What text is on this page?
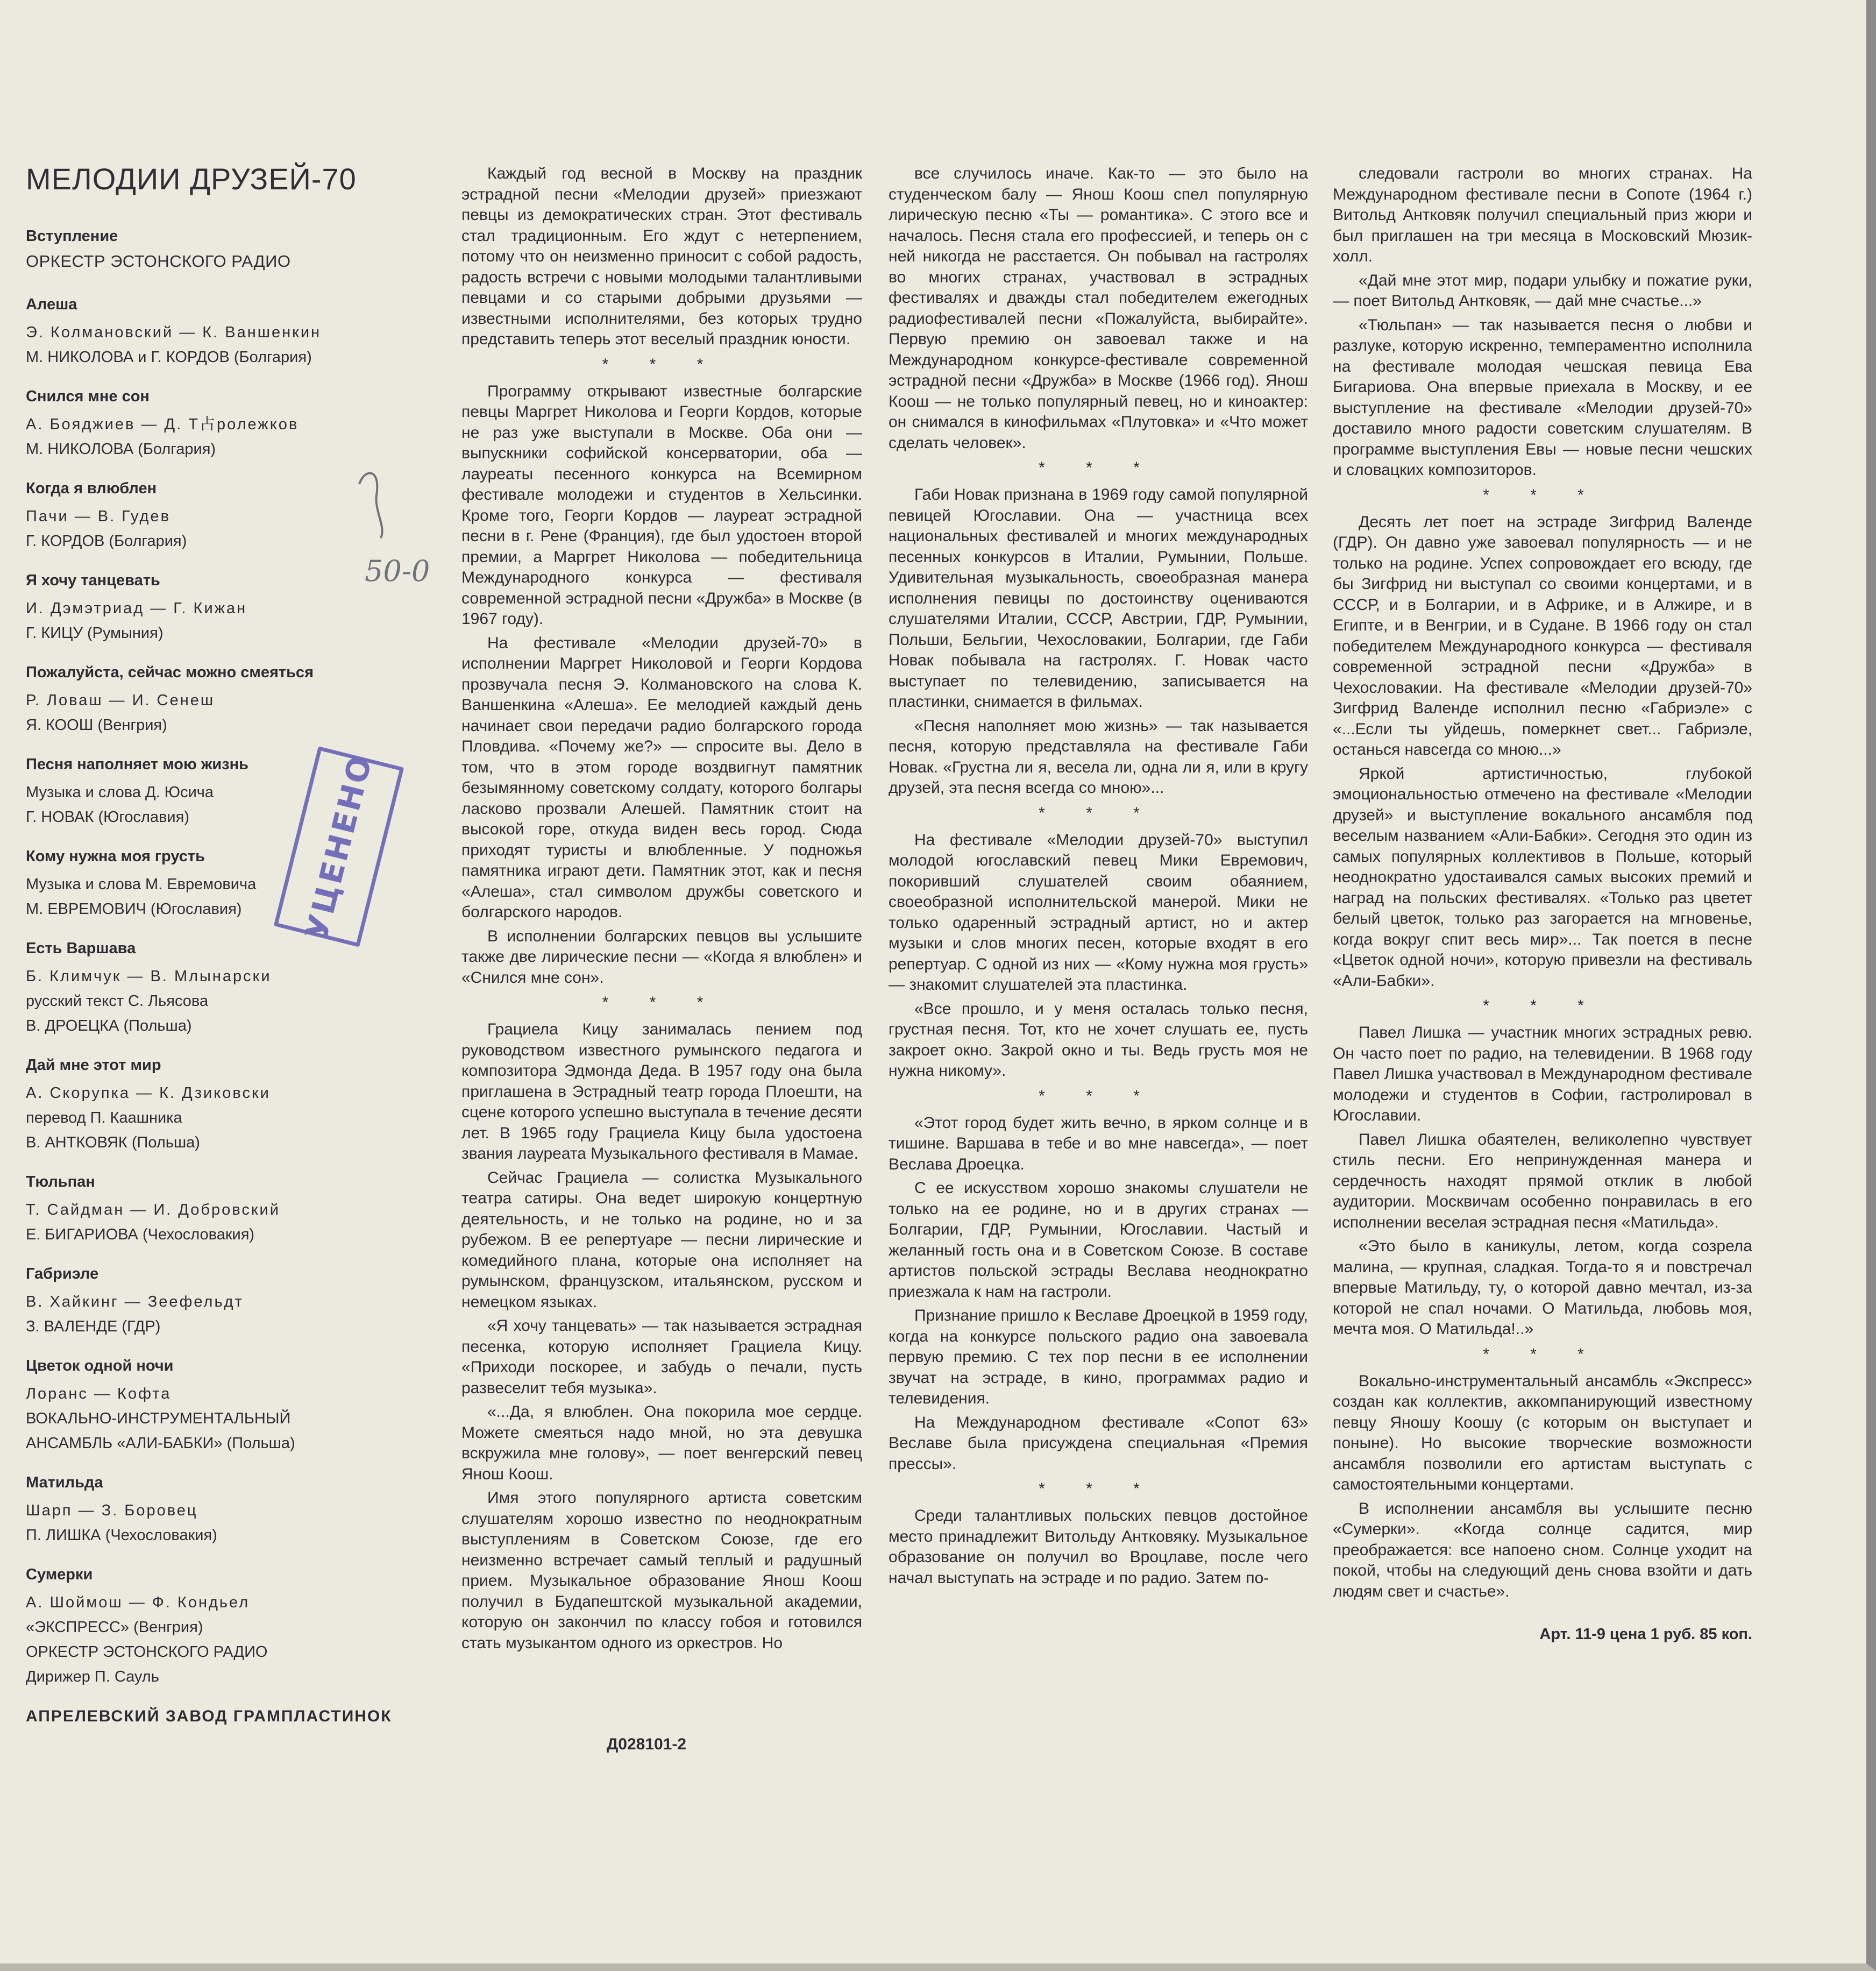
МЕЛОДИИ ДРУЗЕЙ-70
Вступление
ОРКЕСТР ЭСТОНСКОГО РАДИО
Алеша
Э. Колмановский — К. Ваншенкин
М. НИКОЛОВА и Г. КОРДОВ (Болгария)
Снился мне сон
А. Бояджиев — Д. Т占ролежков
М. НИКОЛОВА (Болгария)
Когда я влюблен
Пачи — В. Гудев
Г. КОРДОВ (Болгария)
Я хочу танцевать
И. Дэмэтриад — Г. Кижан
Г. КИЦУ (Румыния)
Пожалуйста, сейчас можно смеяться
Р. Ловаш — И. Сенеш
Я. КООШ (Венгрия)
Песня наполняет мою жизнь
Музыка и слова Д. Юсича
Г. НОВАК (Югославия)
Кому нужна моя грусть
Музыка и слова М. Евремовича
М. ЕВРЕМОВИЧ (Югославия)
Есть Варшава
Б. Климчук — В. Млынарски
русский текст С. Льясова
В. ДРОЕЦКА (Польша)
Дай мне этот мир
А. Скорупка — К. Дзиковски
перевод П. Каашника
В. АНТКОВЯК (Польша)
Тюльпан
Т. Сайдман — И. Добровский
Е. БИГАРИОВА (Чехословакия)
Габриэле
В. Хайкинг — Зеефельдт
З. ВАЛЕНДЕ (ГДР)
Цветок одной ночи
Лоранс — Кофта
ВОКАЛЬНО-ИНСТРУМЕНТАЛЬНЫЙ
АНСАМБЛЬ «АЛИ-БАБКИ» (Польша)
Матильда
Шарп — З. Боровец
П. ЛИШКА (Чехословакия)
Сумерки
А. Шоймош — Ф. Кондьел
«ЭКСПРЕСС» (Венгрия)
ОРКЕСТР ЭСТОНСКОГО РАДИО
Дирижер П. Сауль
АПРЕЛЕВСКИЙ ЗАВОД ГРАМПЛАСТИНОК
Каждый год весной в Москву на праздник эстрадной песни «Мелодии друзей» приезжают певцы из демократических стран. Этот фестиваль стал традиционным. Его ждут с нетерпением, потому что он неизменно приносит с собой радость, радость встречи с новыми молодыми талантливыми певцами и со старыми добрыми друзьями — известными исполнителями, без которых трудно представить теперь этот веселый праздник юности.
* * *
Программу открывают известные болгарские певцы Маргрет Николова и Георги Кордов, которые не раз уже выступали в Москве. Оба они — выпускники софийской консерватории, оба — лауреаты песенного конкурса на Всемирном фестивале молодежи и студентов в Хельсинки. Кроме того, Георги Кордов — лауреат эстрадной песни в г. Рене (Франция), где был удостоен второй премии, а Маргрет Николова — победительница Международного конкурса — фестиваля современной эстрадной песни «Дружба» в Москве (в 1967 году).
На фестивале «Мелодии друзей-70» в исполнении Маргрет Николовой и Георги Кордова прозвучала песня Э. Колмановского на слова К. Ваншенкина «Алеша». Ее мелодией каждый день начинает свои передачи радио болгарского города Пловдива. «Почему же?» — спросите вы. Дело в том, что в этом городе воздвигнут памятник безымянному советскому солдату, которого болгары ласково прозвали Алешей. Памятник стоит на высокой горе, откуда виден весь город. Сюда приходят туристы и влюбленные. У подножья памятника играют дети. Памятник этот, как и песня «Алеша», стал символом дружбы советского и болгарского народов.
В исполнении болгарских певцов вы услышите также две лирические песни — «Когда я влюблен» и «Снился мне сон».
* * *
Грациела Кицу занималась пением под руководством известного румынского педагога и композитора Эдмонда Деда. В 1957 году она была приглашена в Эстрадный театр города Плоешти, на сцене которого успешно выступала в течение десяти лет. В 1965 году Грациела Кицу была удостоена звания лауреата Музыкального фестиваля в Мамае.
Сейчас Грациела — солистка Музыкального театра сатиры. Она ведет широкую концертную деятельность, и не только на родине, но и за рубежом. В ее репертуаре — песни лирические и комедийного плана, которые она исполняет на румынском, французском, итальянском, русском и немецком языках.
«Я хочу танцевать» — так называется эстрадная песенка, которую исполняет Грациела Кицу. «Приходи поскорее, и забудь о печали, пусть развеселит тебя музыка».
«...Да, я влюблен. Она покорила мое сердце. Можете смеяться надо мной, но эта девушка вскружила мне голову», — поет венгерский певец Янош Коош.
Имя этого популярного артиста советским слушателям хорошо известно по неоднократным выступлениям в Советском Союзе, где его неизменно встречает самый теплый и радушный прием. Музыкальное образование Янош Коош получил в Будапештской музыкальной академии, которую он закончил по классу гобоя и готовился стать музыкантом одного из оркестров. Но
все случилось иначе. Как-то — это было на студенческом балу — Янош Коош спел популярную лирическую песню «Ты — романтика». С этого все и началось. Песня стала его профессией, и теперь он с ней никогда не расстается. Он побывал на гастролях во многих странах, участвовал в эстрадных фестивалях и дважды стал победителем ежегодных радиофестивалей песни «Пожалуйста, выбирайте». Первую премию он завоевал также и на Международном конкурсе-фестивале современной эстрадной песни «Дружба» в Москве (1966 год). Янош Коош — не только популярный певец, но и киноактер: он снимался в кинофильмах «Плутовка» и «Что может сделать человек».
* * *
Габи Новак признана в 1969 году самой популярной певицей Югославии. Она — участница всех национальных фестивалей и многих международных песенных конкурсов в Италии, Румынии, Польше. Удивительная музыкальность, своеобразная манера исполнения певицы по достоинству оцениваются слушателями Италии, СССР, Австрии, ГДР, Румынии, Польши, Бельгии, Чехословакии, Болгарии, где Габи Новак побывала на гастролях. Г. Новак часто выступает по телевидению, записывается на пластинки, снимается в фильмах.
«Песня наполняет мою жизнь» — так называется песня, которую представляла на фестивале Габи Новак. «Грустна ли я, весела ли, одна ли я, или в кругу друзей, эта песня всегда со мною»...
* * *
На фестивале «Мелодии друзей-70» выступил молодой югославский певец Мики Евремович, покоривший слушателей своим обаянием, своеобразной исполнительской манерой. Мики не только одаренный эстрадный артист, но и актер музыки и слов многих песен, которые входят в его репертуар. С одной из них — «Кому нужна моя грусть» — знакомит слушателей эта пластинка.
«Все прошло, и у меня осталась только песня, грустная песня. Тот, кто не хочет слушать ее, пусть закроет окно. Закрой окно и ты. Ведь грусть моя не нужна никому».
* * *
«Этот город будет жить вечно, в ярком солнце и в тишине. Варшава в тебе и во мне навсегда», — поет Веслава Дроецка.
С ее искусством хорошо знакомы слушатели не только на ее родине, но и в других странах — Болгарии, ГДР, Румынии, Югославии. Частый и желанный гость она и в Советском Союзе. В составе артистов польской эстрады Веслава неоднократно приезжала к нам на гастроли.
Признание пришло к Веславе Дроецкой в 1959 году, когда на конкурсе польского радио она завоевала первую премию. С тех пор песни в ее исполнении звучат на эстраде, в кино, программах радио и телевидения.
На Международном фестивале «Сопот 63» Веславе была присуждена специальная «Премия прессы».
* * *
Среди талантливых польских певцов достойное место принадлежит Витольду Антковяку. Музыкальное образование он получил во Вроцлаве, после чего начал выступать на эстраде и по радио. Затем по-
Д028101-2
следовали гастроли во многих странах. На Международном фестивале песни в Сопоте (1964 г.) Витольд Антковяк получил специальный приз жюри и был приглашен на три месяца в Московский Мюзик-холл.
«Дай мне этот мир, подари улыбку и пожатие руки, — поет Витольд Антковяк, — дай мне счастье...»
«Тюльпан» — так называется песня о любви и разлуке, которую искренно, темпераментно исполнила на фестивале молодая чешская певица Ева Бигариова. Она впервые приехала в Москву, и ее выступление на фестивале «Мелодии друзей-70» доставило много радости советским слушателям. В программе выступления Евы — новые песни чешских и словацких композиторов.
* * *
Десять лет поет на эстраде Зигфрид Валенде (ГДР). Он давно уже завоевал популярность — и не только на родине. Успех сопровождает его всюду, где бы Зигфрид ни выступал со своими концертами, и в СССР, и в Болгарии, и в Африке, и в Алжире, и в Египте, и в Венгрии, и в Судане. В 1966 году он стал победителем Международного конкурса — фестиваля современной эстрадной песни «Дружба» в Чехословакии. На фестивале «Мелодии друзей-70» Зигфрид Валенде исполнил песню «Габриэле» с «...Если ты уйдешь, померкнет свет... Габриэле, останься навсегда со мною...»
Яркой артистичностью, глубокой эмоциональностью отмечено на фестивале «Мелодии друзей» и выступление вокального ансамбля под веселым названием «Али-Бабки». Сегодня это один из самых популярных коллективов в Польше, который неоднократно удостаивался самых высоких премий и наград на польских фестивалях. «Только раз цветет белый цветок, только раз загорается на мгновенье, когда вокруг спит весь мир»... Так поется в песне «Цветок одной ночи», которую привезли на фестиваль «Али-Бабки».
* * *
Павел Лишка — участник многих эстрадных ревю. Он часто поет по радио, на телевидении. В 1968 году Павел Лишка участвовал в Международном фестивале молодежи и студентов в Софии, гастролировал в Югославии.
Павел Лишка обаятелен, великолепно чувствует стиль песни. Его непринужденная манера и сердечность находят прямой отклик в любой аудитории. Москвичам особенно понравилась в его исполнении веселая эстрадная песня «Матильда».
«Это было в каникулы, летом, когда созрела малина, — крупная, сладкая. Тогда-то я и повстречал впервые Матильду, ту, о которой давно мечтал, из-за которой не спал ночами. О Матильда, любовь моя, мечта моя. О Матильда!..»
* * *
Вокально-инструментальный ансамбль «Экспресс» создан как коллектив, аккомпанирующий известному певцу Яношу Коошу (с которым он выступает и поныне). Но высокие творческие возможности ансамбля позволили его артистам выступать с самостоятельными концертами.
В исполнении ансамбля вы услышите песню «Сумерки». «Когда солнце садится, мир преображается: все напоено сном. Солнце уходит на покой, чтобы на следующий день снова взойти и дать людям свет и счастье».
Арт. 11-9 цена 1 руб. 85 коп.
50-0
УЦЕНЕНО
